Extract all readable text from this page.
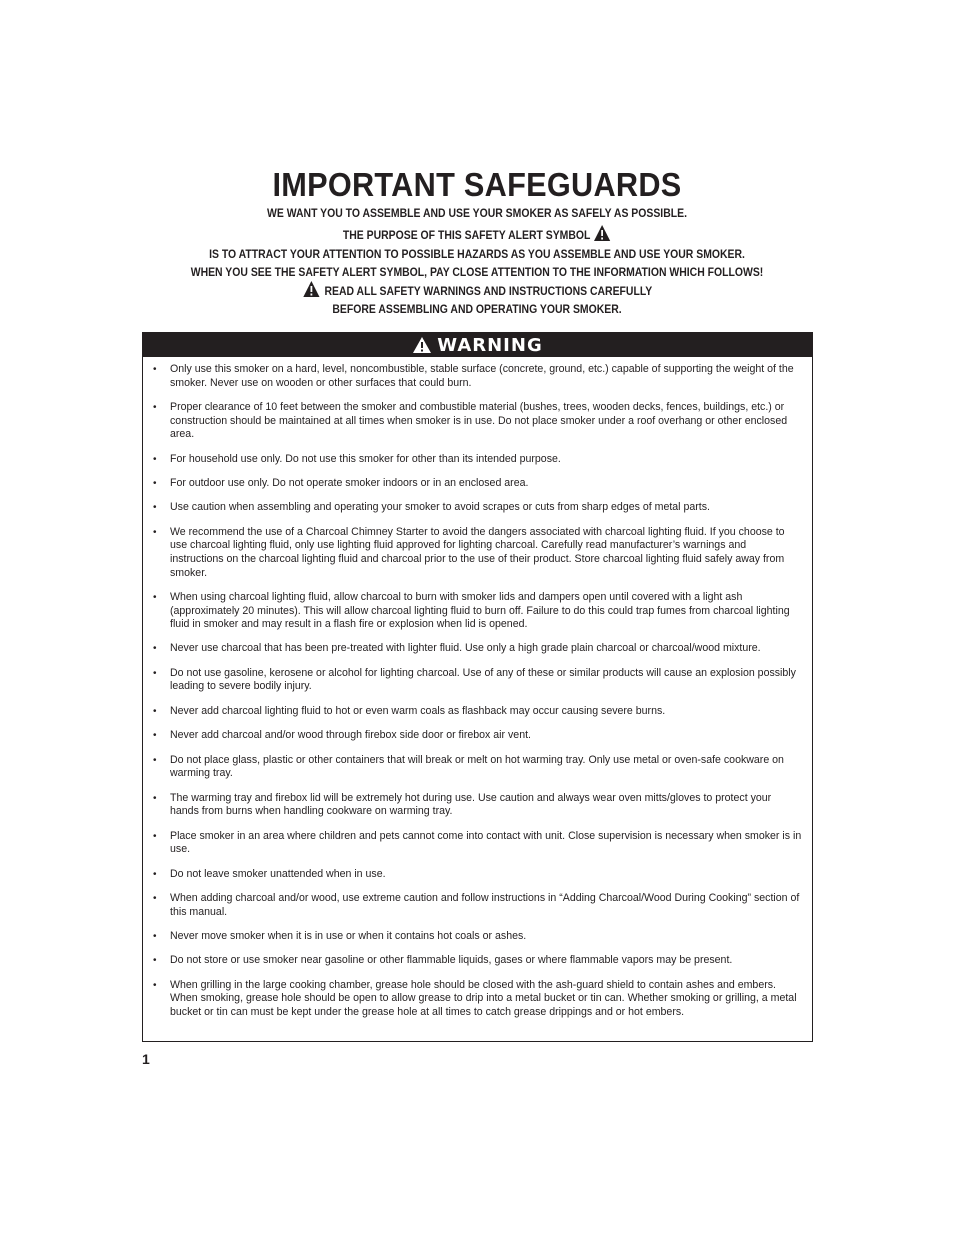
IMPORTANT SAFEGUARDS
WE WANT YOU TO ASSEMBLE AND USE YOUR SMOKER AS SAFELY AS POSSIBLE.
THE PURPOSE OF THIS SAFETY ALERT SYMBOL
IS TO ATTRACT YOUR ATTENTION TO POSSIBLE HAZARDS AS YOU ASSEMBLE AND USE YOUR SMOKER.
WHEN YOU SEE THE SAFETY ALERT SYMBOL, PAY CLOSE ATTENTION TO THE INFORMATION WHICH FOLLOWS!
READ ALL SAFETY WARNINGS AND INSTRUCTIONS CAREFULLY
BEFORE ASSEMBLING AND OPERATING YOUR SMOKER.
WARNING
• Only use this smoker on a hard, level, noncombustible, stable surface (concrete, ground, etc.) capable of supporting the weight of the smoker. Never use on wooden or other surfaces that could burn.
• Proper clearance of 10 feet between the smoker and combustible material (bushes, trees, wooden decks, fences, buildings, etc.) or construction should be maintained at all times when smoker is in use. Do not place smoker under a roof overhang or other enclosed area.
• For household use only. Do not use this smoker for other than its intended purpose.
• For outdoor use only. Do not operate smoker indoors or in an enclosed area.
• Use caution when assembling and operating your smoker to avoid scrapes or cuts from sharp edges of metal parts.
• We recommend the use of a Charcoal Chimney Starter to avoid the dangers associated with charcoal lighting fluid. If you choose to use charcoal lighting fluid, only use lighting fluid approved for lighting charcoal. Carefully read manufacturer’s warnings and instructions on the charcoal lighting fluid and charcoal prior to the use of their product. Store charcoal lighting fluid safely away from smoker.
• When using charcoal lighting fluid, allow charcoal to burn with smoker lids and dampers open until covered with a light ash (approximately 20 minutes). This will allow charcoal lighting fluid to burn off. Failure to do this could trap fumes from charcoal lighting fluid in smoker and may result in a flash fire or explosion when lid is opened.
• Never use charcoal that has been pre-treated with lighter fluid. Use only a high grade plain charcoal or charcoal/wood mixture.
• Do not use gasoline, kerosene or alcohol for lighting charcoal. Use of any of these or similar products will cause an explosion possibly leading to severe bodily injury.
• Never add charcoal lighting fluid to hot or even warm coals as flashback may occur causing severe burns.
• Never add charcoal and/or wood through firebox side door or firebox air vent.
• Do not place glass, plastic or other containers that will break or melt on hot warming tray. Only use metal or oven-safe cookware on warming tray.
• The warming tray and firebox lid will be extremely hot during use. Use caution and always wear oven mitts/gloves to protect your hands from burns when handling cookware on warming tray.
• Place smoker in an area where children and pets cannot come into contact with unit. Close supervision is necessary when smoker is in use.
• Do not leave smoker unattended when in use.
• When adding charcoal and/or wood, use extreme caution and follow instructions in “Adding Charcoal/Wood During Cooking” section of this manual.
• Never move smoker when it is in use or when it contains hot coals or ashes.
• Do not store or use smoker near gasoline or other flammable liquids, gases or where flammable vapors may be present.
• When grilling in the large cooking chamber, grease hole should be closed with the ash-guard shield to contain ashes and embers. When smoking, grease hole should be open to allow grease to drip into a metal bucket or tin can. Whether smoking or grilling, a metal bucket or tin can must be kept under the grease hole at all times to catch grease drippings and or hot embers.
1
